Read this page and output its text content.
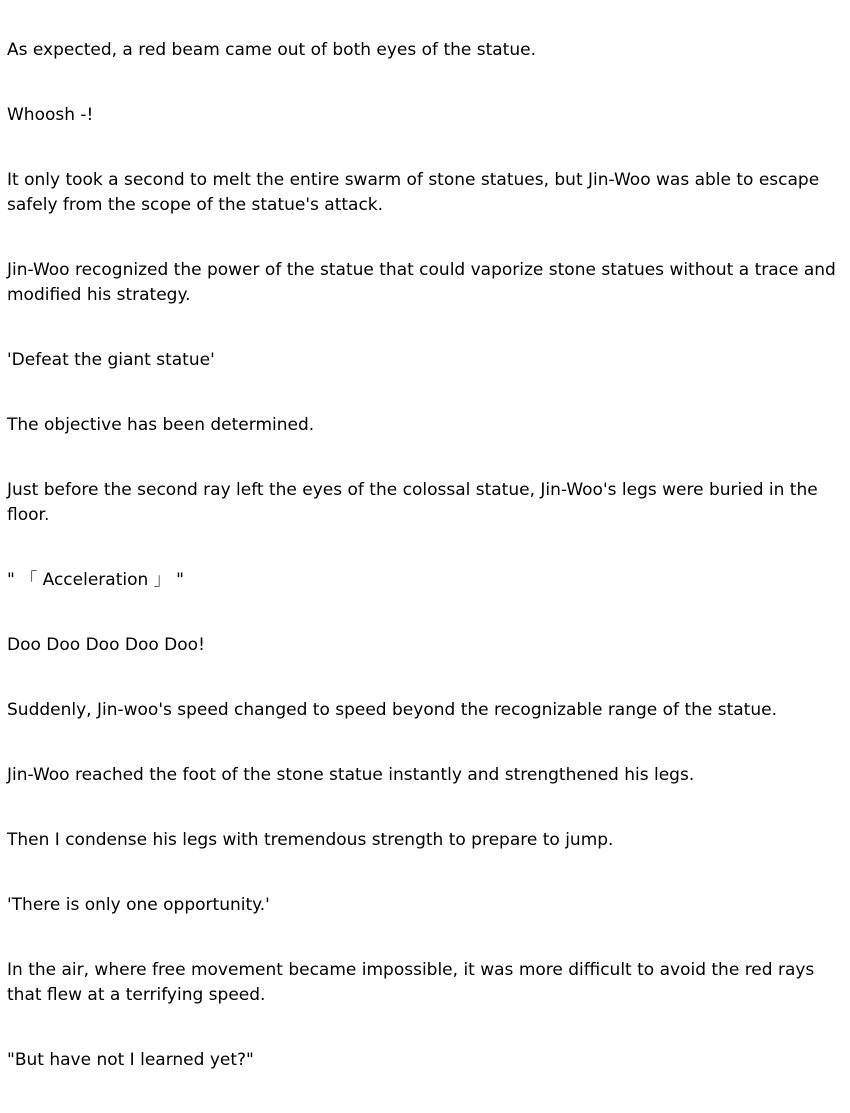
As expected, a red beam came out of both eyes of the statue.

Whoosh -!

It only took a second to melt the entire swarm of stone statues, but Jin-Woo was able to escape safely from the scope of the statue's attack.

Jin-Woo recognized the power of the statue that could vaporize stone statues without a trace and modified his strategy.

'Defeat the giant statue'

The objective has been determined.

Just before the second ray left the eyes of the colossal statue, Jin-Woo's legs were buried in the floor.

" 「 Acceleration 」 "

Doo Doo Doo Doo Doo!

Suddenly, Jin-woo's speed changed to speed beyond the recognizable range of the statue.

Jin-Woo reached the foot of the stone statue instantly and strengthened his legs.

Then I condense his legs with tremendous strength to prepare to jump.

'There is only one opportunity.'

In the air, where free movement became impossible, it was more difficult to avoid the red rays that flew at a terrifying speed.

"But have not I learned yet?"
